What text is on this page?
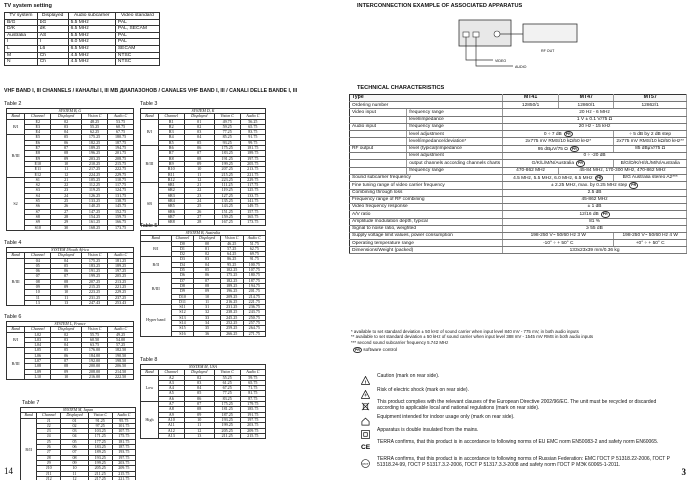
TV system setting
TV system	Displayed	Audio subcarrier	Video standard
B/G	bG	5.5 MHz	PAL
D/K	dK	6.5 MHz	PAL, SECAM
Australia	AS	5.5 MHz	PAL
I	I	6.0 MHz	PAL
L	L6	6.5 MHz	SECAM
M	Ch	4.5 MHz	NTSC
N	Ch	4.5 MHz	NTSC
VHF BAND I, III CHANNELS / КАНАЛЫ I, III МВ ДИАПАЗОНОВ / CANALES VHF BAND I, III / CANALI DELLE BANDE I, III
Table 2
SYSTEM B, G				
Band	Channel	Displayed	Vision C	Audio C
B/I	E2	02	48.25	53.75
	E3	03	55.25	60.75
	E4	04	62.25	67.75
B/III	E5	05	175.25	180.75
	E6	06	182.25	187.75
	E7	07	189.25	194.75
	E8	08	196.25	201.75
	E9	09	203.25	208.75
	E10	10	210.25	215.75
	E11	11	217.25	222.75
	E12	12	224.25	229.75
S2	S1	21	105.25	110.75
	S2	22	112.25	117.75
	S3	23	119.25	124.75
	S4	24	126.25	131.75
	S5	25	133.25	138.75
	S6	26	140.25	145.75
	S7	27	147.25	152.75
	S8	28	154.25	159.75
	S9	29	161.25	166.75
	S10	30	168.25	173.75
Table 4
SYSTEM I/South Africa				
Band	Channel	Displayed	Vision C	Audio C
B/III	04	04	175.25	181.25
	05	05	183.25	189.25
	06	06	191.25	197.25
	07	07	199.25	205.25
	08	08	207.25	213.25
	09	09	215.25	221.25
	10	10	223.25	229.25
	11	11	231.25	237.25
	13	13	247.43	253.43
Table 6
SYSTEM L, France				
Band	Channel	Displayed	Vision C	Audio C
B/I	L02	02	55.75	49.25
	L03	03	60.50	54.00
	L04	04	63.75	57.25
B/III	L05	05	176.00	182.50
	L06	06	184.00	190.50
	L07	07	192.00	198.50
	L08	08	200.00	206.50
	L09	09	208.00	214.50
	L10	10	216.00	222.50
Table 7
SYSTEM M, Japan				
Band	Channel	Displayed	Vision C	Audio C
B/II	J1	01	91.25	95.75
	J2	02	97.25	101.75
	J3	03	103.25	107.75
	J4	04	171.25	175.75
	J5	05	177.25	181.75
	J6	06	183.25	187.75
	J7	07	189.25	193.75
	J8	08	193.25	197.75
	J9	09	199.25	203.75
	J10	10	205.25	209.75
	J11	11	211.25	215.75
	J12	12	217.25	221.75
Table 3
SYSTEM D, K				
Band	Channel	Displayed	Vision C	Audio C
B/I	R1	01	49.75	56.25
	R2	02	59.25	65.75
	R3	03	77.25	83.75
	R4	04	85.25	91.75
	R5	05	93.25	99.75
B/III	R6	06	175.25	181.75
	R7	07	183.25	189.75
	R8	08	191.25	197.75
	R9	09	199.25	205.75
	R10	10	207.25	213.75
	R11	11	215.25	221.75
	R12	12	223.25	229.75
SB	SR1	21	111.25	117.75
	SR2	22	119.25	125.75
	SR3	23	127.25	133.75
	SR4	24	135.25	141.75
	SR5	25	143.25	149.75
	SR6	26	151.25	157.75
	SR7	27	159.25	165.75
	SR8	28	167.25	173.75
Table 5
SYSTEM B, Australia				
Band	Channel	Displayed	Vision C	Audio C
B/I	D0	00	46.25	51.75
	D1	01	57.25	62.75
	D2	02	64.25	69.75
B/II	D3	03	86.25	91.75
	D4	04	95.25	100.75
	D5	05	102.25	107.75
B/III	D6	06	175.25	180.75
	D7	07	182.25	187.75
	D8	08	189.25	194.75
	D9	09	196.25	201.75
	D10	10	209.25	214.75
	D11	11	216.25	221.75
Hyper band	S11	31	231.25	236.75
	S12	32	238.25	243.75
	S13	33	245.25	250.75
	S14	34	252.25	257.75
	S15	35	259.25	264.75
	S16	36	266.25	271.75
Table 8
SYSTEM M, USA				
Band	Channel	Displayed	Vision C	Audio C
Low	A2	02	55.25	59.75
	A3	03	61.25	65.75
	A4	04	67.25	71.75
	A5	05	77.25	81.75
	A6	06	83.25	87.75
High	A7	07	175.25	179.75
	A8	08	181.25	185.75
	A9	09	187.25	191.75
	A10	10	193.25	197.75
	A11	11	199.25	203.75
	A12	12	205.25	209.75
	A13	13	211.25	215.75
14
INTERCONNECTION EXAMPLE OF ASSOCIATED APPARATUS
VIDEO
AUDIO
RF OUT
TECHNICAL CHARACTERISTICS
Type		MT41	MT47	MT57
Ordering number		12850/1	12860/1	12862/1
Video input	frequency range	20 Hz - 6 MHz		
	level/impedance	1 V ± 0.1 V/75 Ω		
Audio input	frequency range	20 Hz - 15 kHz		
	level adjustment	0 ÷ 7 dB PR		÷ 5 dB by 2 dB step
	level/impedance/deviation*	2x775 mV RMS/10 kΩ/50 kHz*		2x775 mV RMS/10 kΩ/50 kHz**
RF output	level (typical)/impedance	95 dBµV/75 Ω PR		85 dBµV/75 Ω
	level adjustment	0 ÷ -20 dB		
	output channels according channels charts	G/K/L/M/N/Australia PR		B/G/D/K/H/I/L/M/N/Australia
	frequency range	470-862 MHz	45-84 MHz, 170-300 MHz, 470-862 MHz	
Sound subcarrier frequency		4.5 MHz, 5.5 MHz, 6.0 MHz, 6.5 MHz PR		B/G Australia stereo A2***
Fine tuning range of video carrier frequency		± 2.25 MHz, max. by 0.25 MHz step PR		
Combining through loss		2.5 dB		
Frequency range of RF combining		45-862 MHz		
Video frequency response		± 1 dB		
A/V ratio		12/16 dB PR		
Amplitude modulation depth, typical		81 %		
Signal to noise ratio, weighted		≥ 55 dB		
Supply voltage limit values, power consumption		198-250 V~ 50/60 Hz 3 W		198-250 V~ 50/60 Hz 4 W
Operating temperature range		-10° ÷ + 50° C		+0° ÷ + 50° C
Dimensions/Weight (packed)		133x23x39 mm/0.36 kg		
* available to set standard deviation ± 50 kHz of sound carrier when input level 840 mV - 775 mV, in both audio inputs
** available to set standard deviation ± 50 kHz of sound carrier when input level 388 mV - 1545 mV RMS in both audio inputs
*** second sound subcarrier frequency 5.742 MHz
PR software control
!
Caution (mark on rear side).
Risk of electric shock (mark on rear side).
This product complies with the relevant clauses of the European Directive 2002/96/EC. The unit must be recycled or discarded according to applicable local and national regulations (mark on rear side).
Equipment intended for indoor usage only (mark on rear side).
Apparatus is double insulated from the mains.
CE
TERRA confirms, that this product is in accordance to following norms of EU EMC norm EN50083-2 and safety norm EN60065.
РСТ
TERRA confirms, that this product is in accordance to following norms of Russian Federation: EMC ГОСТ Р 51318.22-2006, ГОСТ Р 51318.24-99, ГОСТ Р 51317.3.2-2006, ГОСТ Р 51317.3.3-2008 and safety norm ГОСТ Р МЭК 60065-1-2011.
3
